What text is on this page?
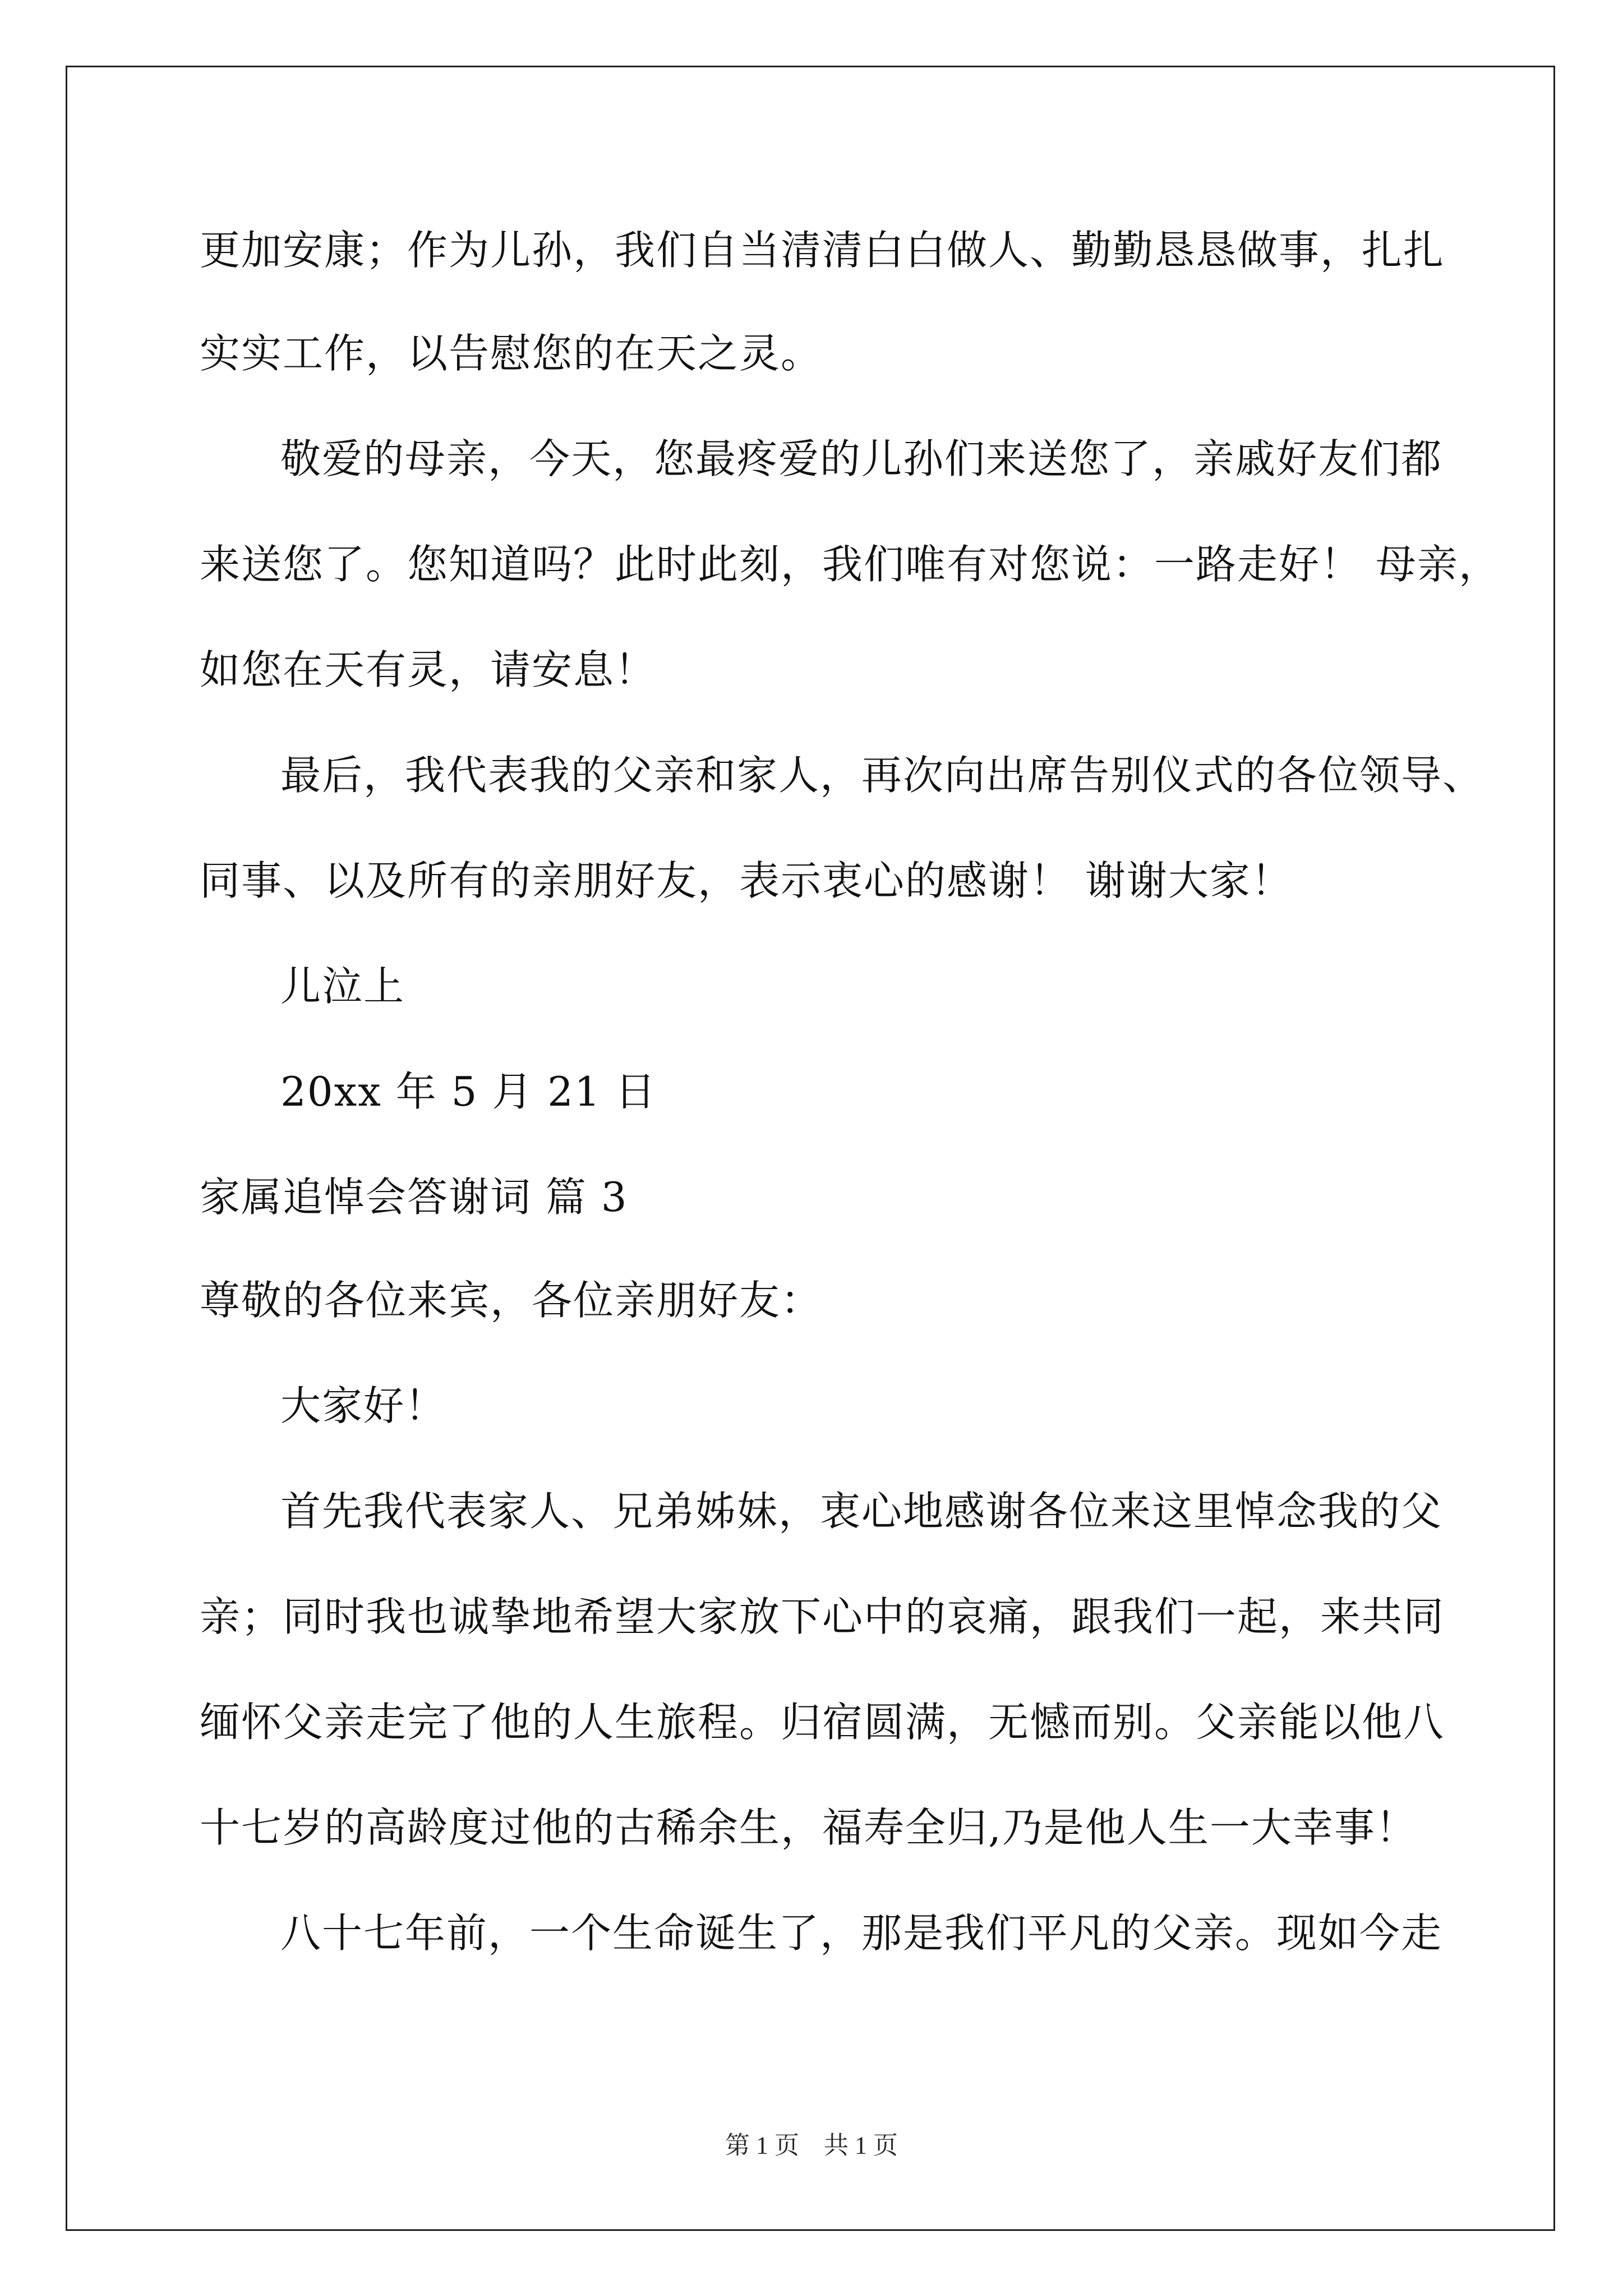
更加安康；作为儿孙，我们自当清清白白做人、勤勤恳恳做事，扎扎
实实工作，以告慰您的在天之灵。
敬爱的母亲，今天，您最疼爱的儿孙们来送您了，亲戚好友们都
来送您了。您知道吗？此时此刻，我们唯有对您说：一路走好！ 母亲，
如您在天有灵，请安息！
最后，我代表我的父亲和家人，再次向出席告别仪式的各位领导、
同事、以及所有的亲朋好友，表示衷心的感谢！ 谢谢大家！
儿泣上
20xx 年 5 月 21 日
家属追悼会答谢词 篇 3
尊敬的各位来宾，各位亲朋好友：
大家好！
首先我代表家人、兄弟姊妹，衷心地感谢各位来这里悼念我的父
亲；同时我也诚挚地希望大家放下心中的哀痛，跟我们一起，来共同
缅怀父亲走完了他的人生旅程。归宿圆满，无憾而别。父亲能以他八
十七岁的高龄度过他的古稀余生，福寿全归,乃是他人生一大幸事！
八十七年前，一个生命诞生了，那是我们平凡的父亲。现如今走
第 1 页　共 1 页
